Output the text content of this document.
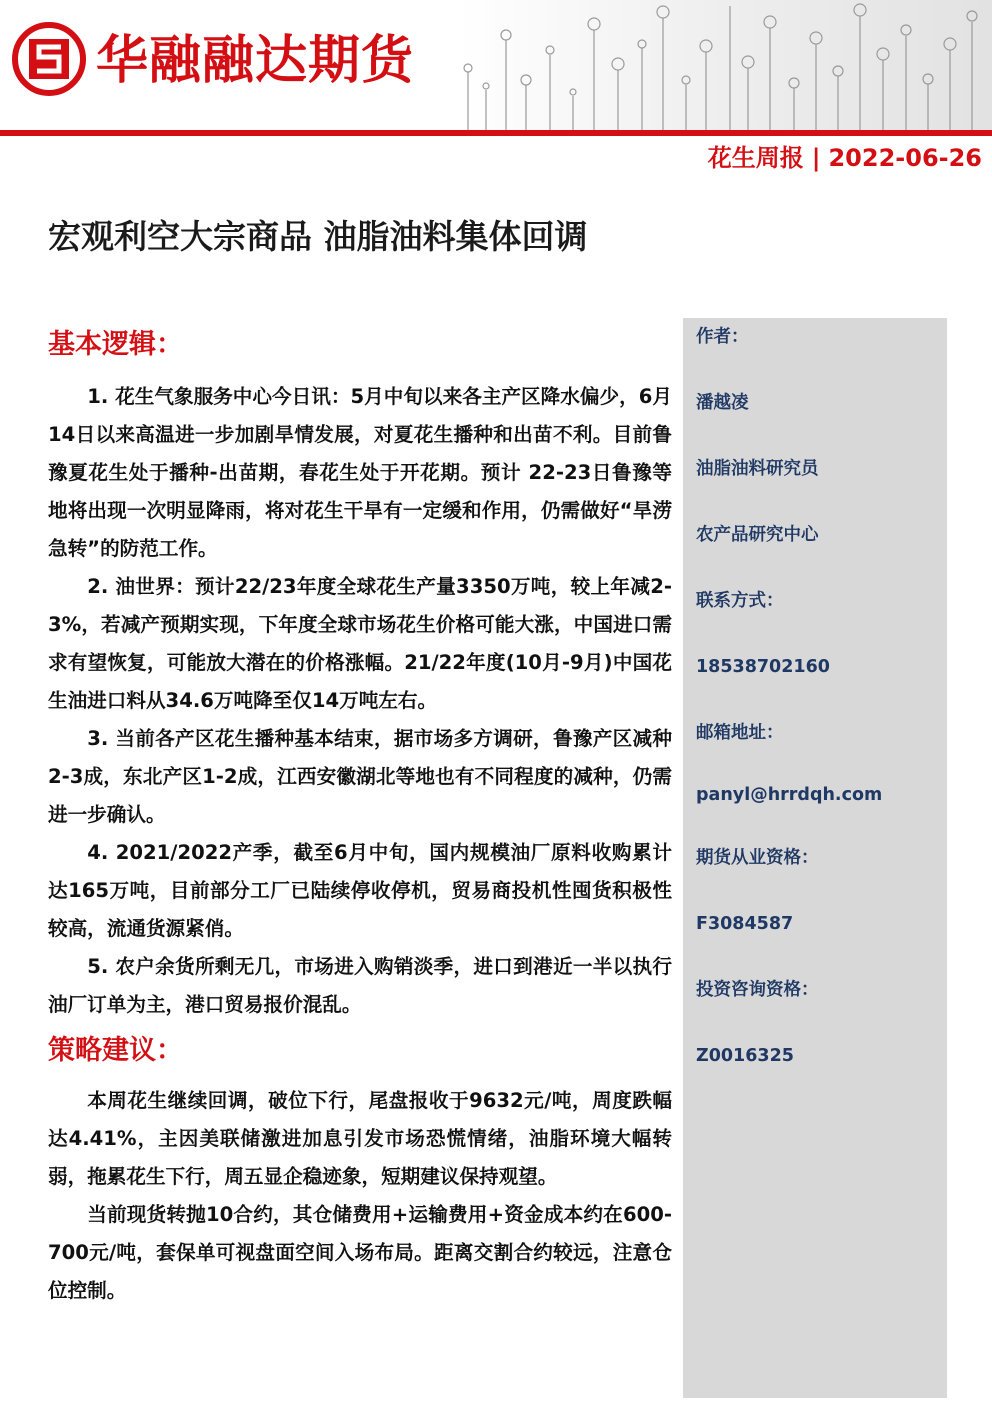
华融融达期货
花生周报 | 2022-06-26
宏观利空大宗商品 油脂油料集体回调
基本逻辑：

1. 花生气象服务中心今日讯：5月中旬以来各主产区降水偏少，6月14日以来高温进一步加剧旱情发展，对夏花生播种和出苗不利。目前鲁豫夏花生处于播种-出苗期，春花生处于开花期。预计 22-23日鲁豫等地将出现一次明显降雨，将对花生干旱有一定缓和作用，仍需做好“旱涝急转”的防范工作。

2. 油世界：预计22/23年度全球花生产量3350万吨，较上年减2-3%，若减产预期实现，下年度全球市场花生价格可能大涨，中国进口需求有望恢复，可能放大潜在的价格涨幅。21/22年度(10月-9月)中国花生油进口料从34.6万吨降至仅14万吨左右。

3. 当前各产区花生播种基本结束，据市场多方调研，鲁豫产区减种2-3成，东北产区1-2成，江西安徽湖北等地也有不同程度的减种，仍需进一步确认。

4. 2021/2022产季，截至6月中旬，国内规模油厂原料收购累计达165万吨，目前部分工厂已陆续停收停机，贸易商投机性囤货积极性较高，流通货源紧俏。

5. 农户余货所剩无几，市场进入购销淡季，进口到港近一半以执行油厂订单为主，港口贸易报价混乱。

策略建议：

本周花生继续回调，破位下行，尾盘报收于9632元/吨，周度跌幅达4.41%，主因美联储激进加息引发市场恐慌情绪，油脂环境大幅转弱，拖累花生下行，周五显企稳迹象，短期建议保持观望。

当前现货转抛10合约，其仓储费用+运输费用+资金成本约在600-700元/吨，套保单可视盘面空间入场布局。距离交割合约较远，注意仓位控制。

作者：
潘越凌
油脂油料研究员
农产品研究中心
联系方式：
18538702160
邮箱地址：
panyl@hrrdqh.com
期货从业资格：
F3084587
投资咨询资格：
Z0016325
